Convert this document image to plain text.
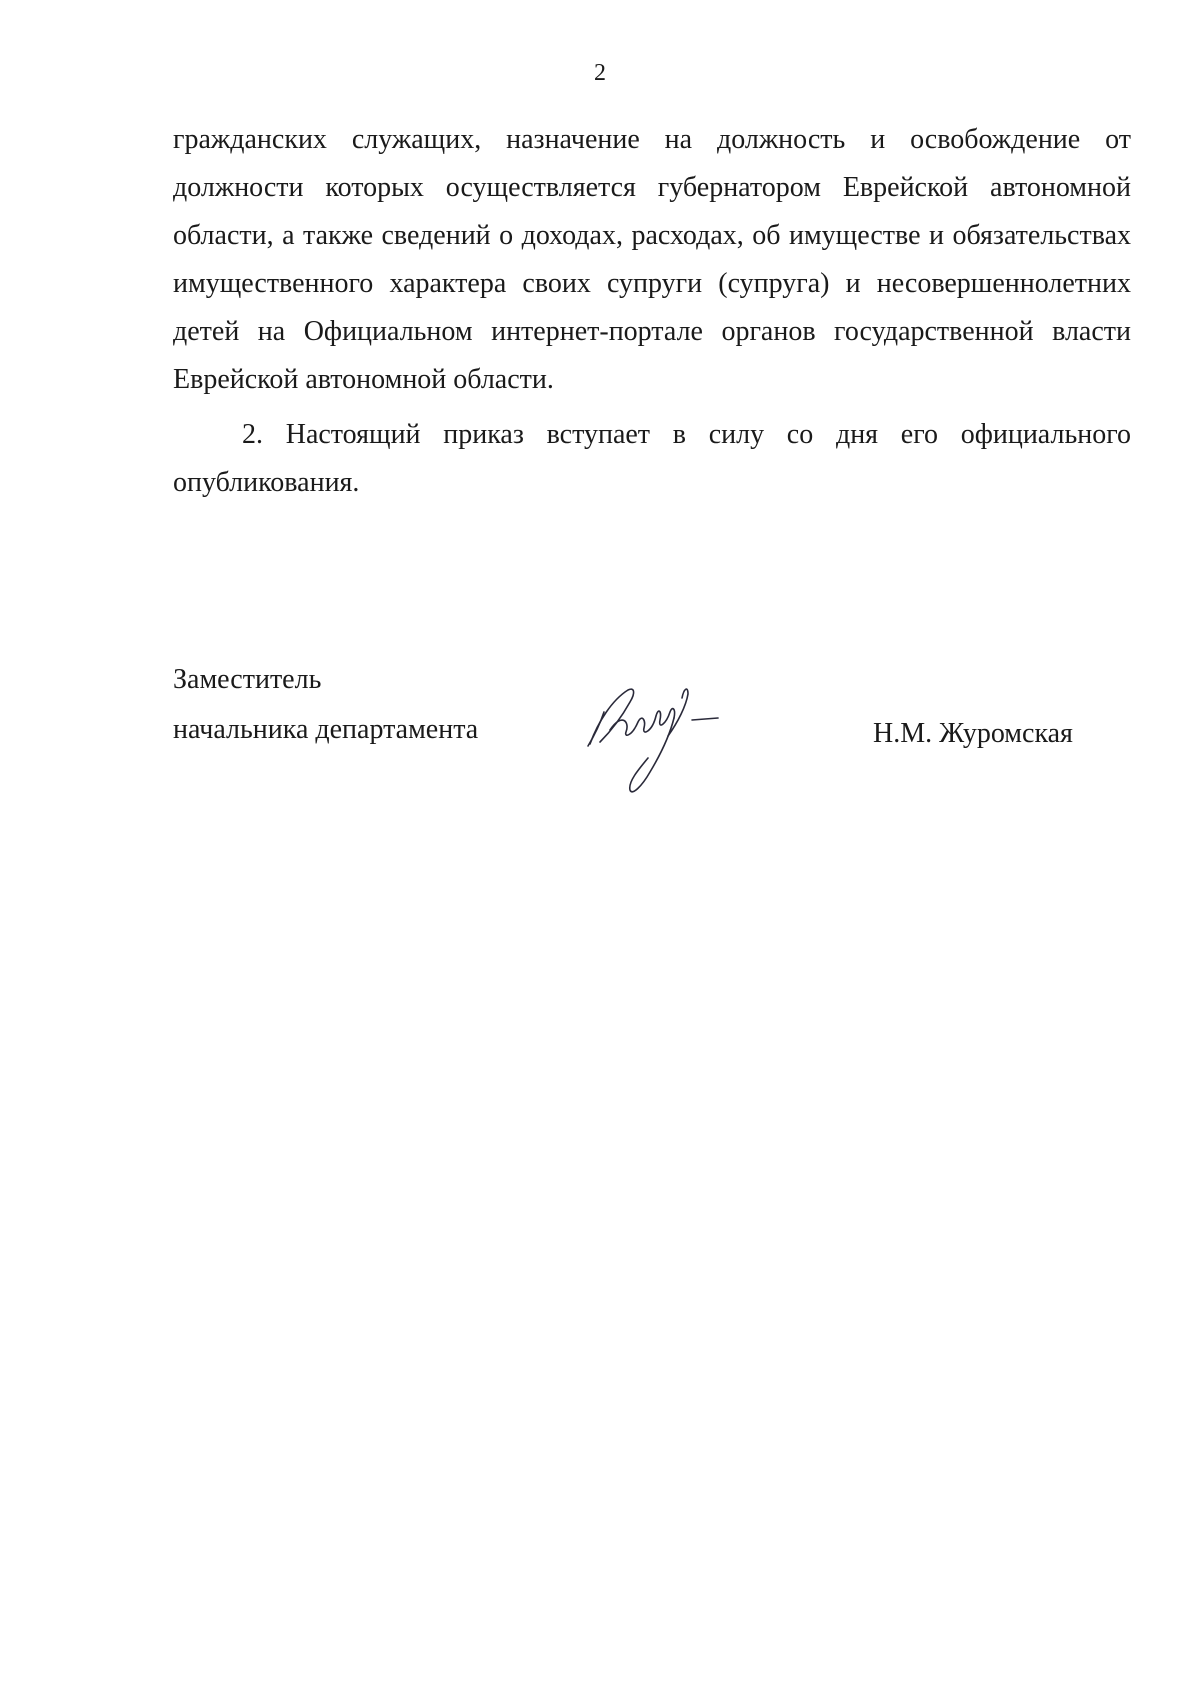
2

гражданских служащих, назначение на должность и освобождение от должности которых осуществляется губернатором Еврейской автономной области, а также сведений о доходах, расходах, об имуществе и обязательствах имущественного характера своих супруги (супруга) и несовершеннолетних детей на Официальном интернет-портале органов государственной власти Еврейской автономной области.

2. Настоящий приказ вступает в силу со дня его официального опубликования.

Заместитель
начальника департамента	Н.М. Журомская
